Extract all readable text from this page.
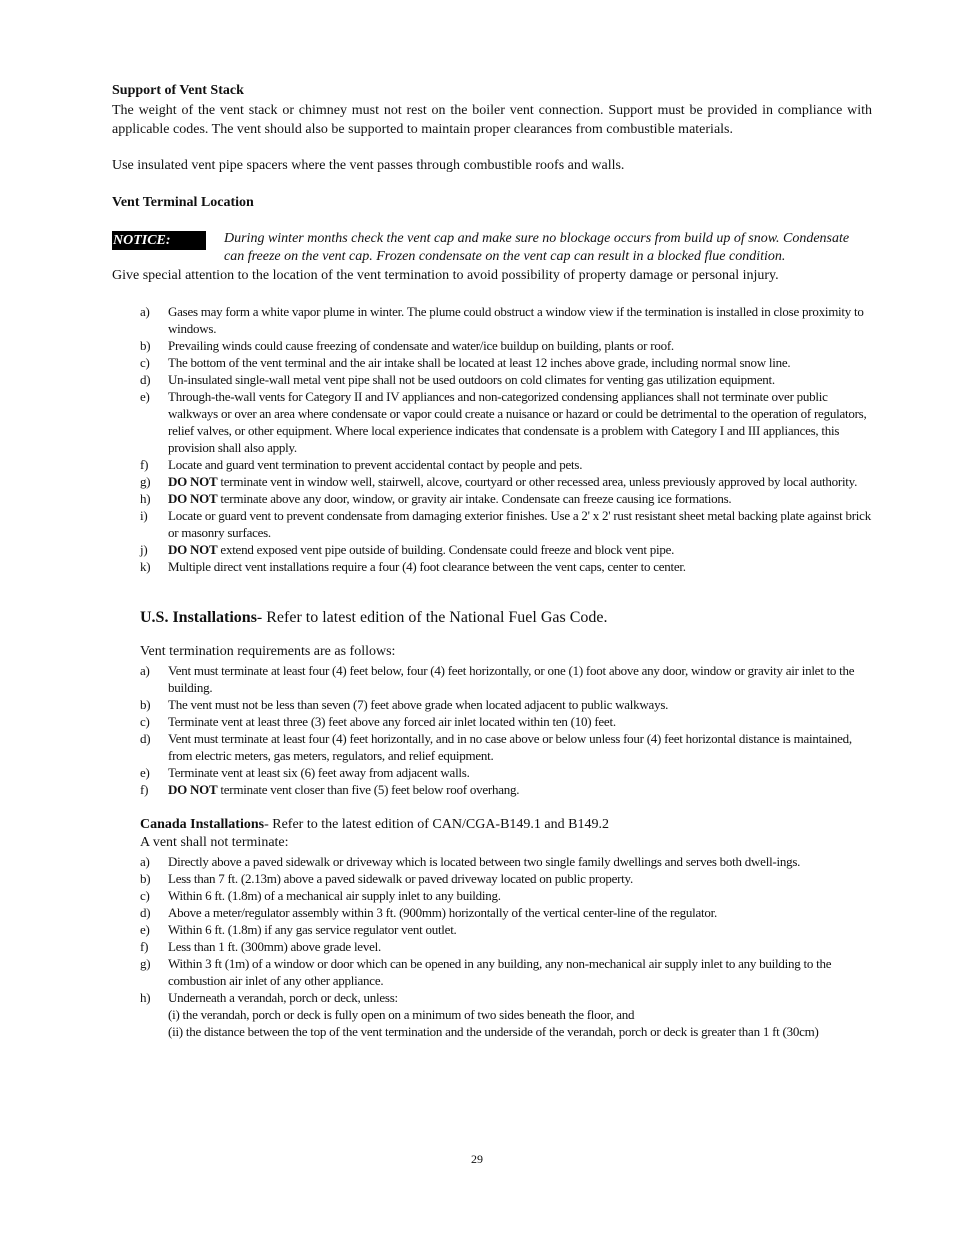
Support of Vent Stack

The weight of the vent stack or chimney must not rest on the boiler vent connection. Support must be provided in compliance with applicable codes. The vent should also be supported to maintain proper clearances from combustible materials.

Use insulated vent pipe spacers where the vent passes through combustible roofs and walls.

Vent Terminal Location
NOTICE:	During winter months check the vent cap and make sure no blockage occurs from build up of snow. Condensate can freeze on the vent cap. Frozen condensate on the vent cap can result in a blocked flue condition.

Give special attention to the location of the vent termination to avoid possibility of property damage or personal injury.

a) Gases may form a white vapor plume in winter. The plume could obstruct a window view if the termination is installed in close proximity to windows.
b) Prevailing winds could cause freezing of condensate and water/ice buildup on building, plants or roof.
c) The bottom of the vent terminal and the air intake shall be located at least 12 inches above grade, including normal snow line.
d) Un-insulated single-wall metal vent pipe shall not be used outdoors on cold climates for venting gas utilization equipment.
e) Through-the-wall vents for Category II and IV appliances and non-categorized condensing appliances shall not terminate over public walkways or over an area where condensate or vapor could create a nuisance or hazard or could be detrimental to the operation of regulators, relief valves, or other equipment. Where local experience indicates that condensate is a problem with Category I and III appliances, this provision shall also apply.
f) Locate and guard vent termination to prevent accidental contact by people and pets.
g) DO NOT terminate vent in window well, stairwell, alcove, courtyard or other recessed area, unless previously approved by local authority.
h) DO NOT terminate above any door, window, or gravity air intake. Condensate can freeze causing ice formations.
i) Locate or guard vent to prevent condensate from damaging exterior finishes. Use a 2' x 2' rust resistant sheet metal backing plate against brick or masonry surfaces.
j) DO NOT extend exposed vent pipe outside of building. Condensate could freeze and block vent pipe.
k) Multiple direct vent installations require a four (4) foot clearance between the vent caps, center to center.

U.S. Installations- Refer to latest edition of the National Fuel Gas Code.

Vent termination requirements are as follows:

a) Vent must terminate at least four (4) feet below, four (4) feet horizontally, or one (1) foot above any door, window or gravity air inlet to the building.
b) The vent must not be less than seven (7) feet above grade when located adjacent to public walkways.
c) Terminate vent at least three (3) feet above any forced air inlet located within ten (10) feet.
d) Vent must terminate at least four (4) feet horizontally, and in no case above or below unless four (4) feet horizontal distance is maintained, from electric meters, gas meters, regulators, and relief equipment.
e) Terminate vent at least six (6) feet away from adjacent walls.
f) DO NOT terminate vent closer than five (5) feet below roof overhang.

Canada Installations- Refer to the latest edition of CAN/CGA-B149.1 and B149.2

A vent shall not terminate:

a) Directly above a paved sidewalk or driveway which is located between two single family dwellings and serves both dwell-ings.
b) Less than 7 ft. (2.13m) above a paved sidewalk or paved driveway located on public property.
c) Within 6 ft. (1.8m) of a mechanical air supply inlet to any building.
d) Above a meter/regulator assembly within 3 ft. (900mm) horizontally of the vertical center-line of the regulator.
e) Within 6 ft. (1.8m) if any gas service regulator vent outlet.
f) Less than 1 ft. (300mm) above grade level.
g) Within 3 ft (1m) of a window or door which can be opened in any building, any non-mechanical air supply inlet to any building to the combustion air inlet of any other appliance.
h) Underneath a verandah, porch or deck, unless:
(i) the verandah, porch or deck is fully open on a minimum of two sides beneath the floor, and
(ii) the distance between the top of the vent termination and the underside of the verandah, porch or deck is greater than 1 ft (30cm)
29
